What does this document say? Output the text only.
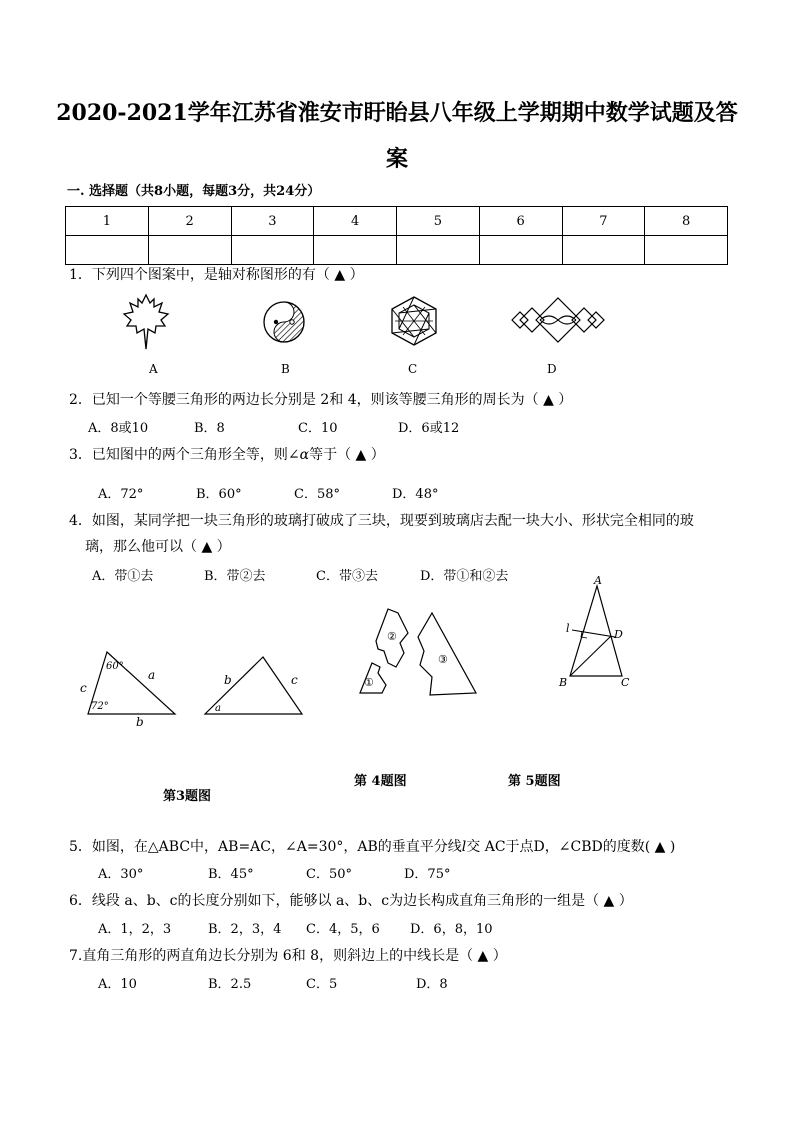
2020-2021学年江苏省淮安市盱眙县八年级上学期期中数学试题及答
案
一. 选择题（共8小题，每题3分，共24分）
1	2	3	4	5	6	7	8

1．下列四个图案中，是轴对称图形的有（ ▲ ）
A	B	C	D
2．已知一个等腰三角形的两边长分别是 2和 4，则该等腰三角形的周长为（ ▲ ）
A．8或10	B．8	C．10	D．6或12
3．已知图中的两个三角形全等，则∠α等于（ ▲ ）
A．72°	B．60°	C．58°	D．48°
4．如图，某同学把一块三角形的玻璃打破成了三块，现要到玻璃店去配一块大小、形状完全相同的玻
璃，那么他可以（ ▲ ）
A．带①去	B．带②去	C．带③去	D．带①和②去
60°
a
c
72°
b
b	c
a
①
②
③
A
l	D
B	C
第3题图
第 4题图	第 5题图
5．如图，在△ABC中，AB=AC，∠A=30°，AB的垂直平分线l交 AC于点D，∠CBD的度数( ▲ )
A．30°	B．45°	C．50°	D．75°
6．线段 a、b、c的长度分别如下，能够以 a、b、c为边长构成直角三角形的一组是（ ▲ ）
A．1，2，3	B．2，3，4 C．4，5，6 D．6，8，10
7.直角三角形的两直角边长分别为 6和 8，则斜边上的中线长是（ ▲ ）
A．10	B．2.5	C．5	D．8
